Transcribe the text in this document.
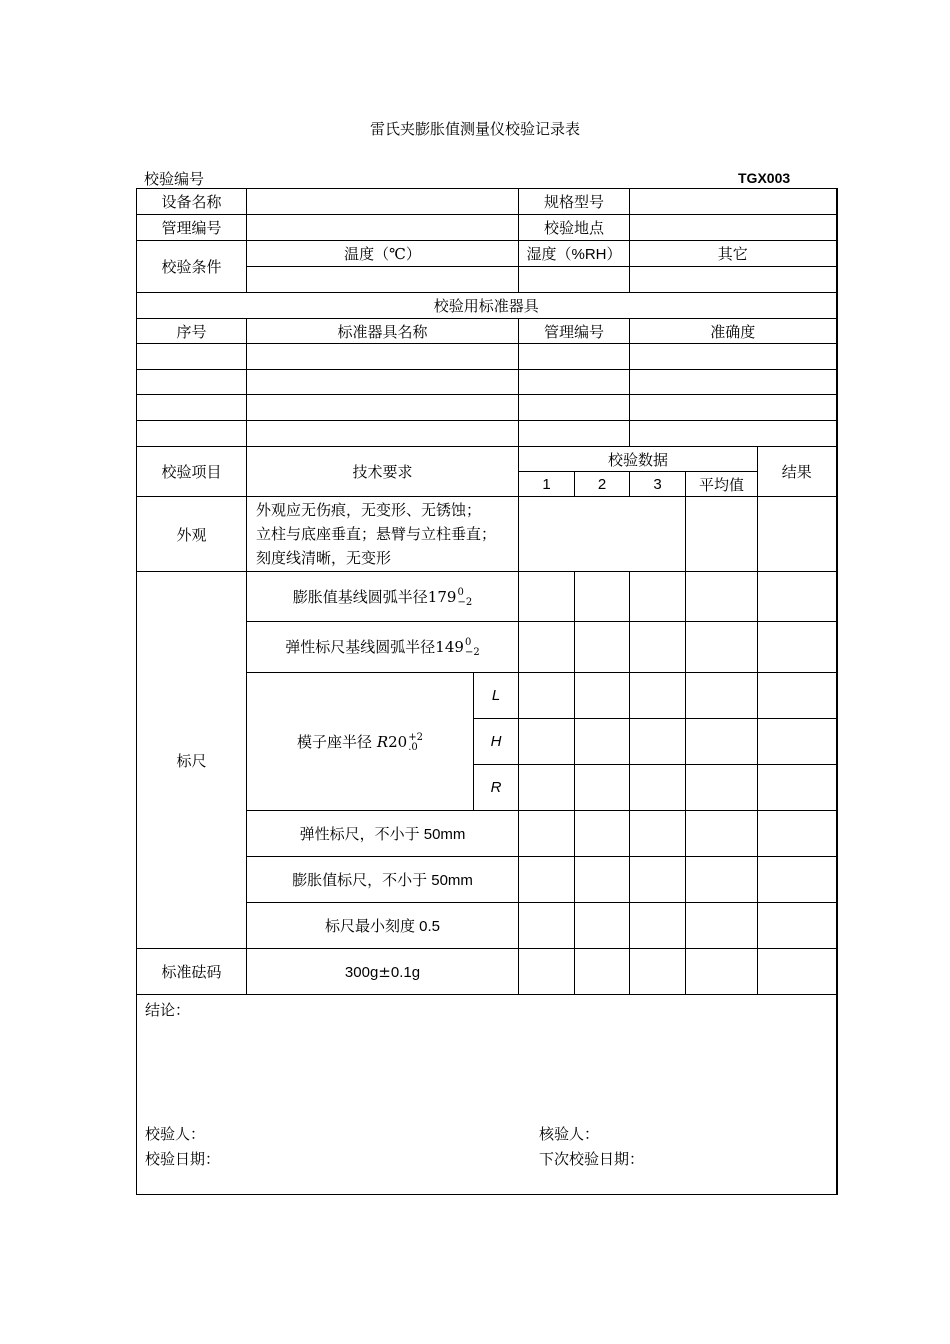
雷氏夹膨胀值测量仪校验记录表
校验编号	TGX003
设备名称			规格型号				
管理编号			校验地点				
校验条件	温度（℃）		湿度（%RH）		其它		

校验用标准器具							
序号	标准器具名称		管理编号		准确度		

校验项目	技术要求		校验数据				结果
			1	2	3	平均值	
外观	外观应无伤痕，无变形、无锈蚀；
立柱与底座垂直；悬臂与立柱垂直；
刻度线清晰，无变形						

标尺	膨胀值基线圆弧半径179 0
−2						

	弹性标尺基线圆弧半径149 0
−2						

	模子座半径 R20 +2
.0	L					
		H					
		R					
	弹性标尺，不小于 50mm						
	膨胀值标尺，不小于 50mm						
	标尺最小刻度 0.5						
标准砝码	300g±0.1g						

结论：
校验人： 核验人：
校验日期： 下次校验日期：							
